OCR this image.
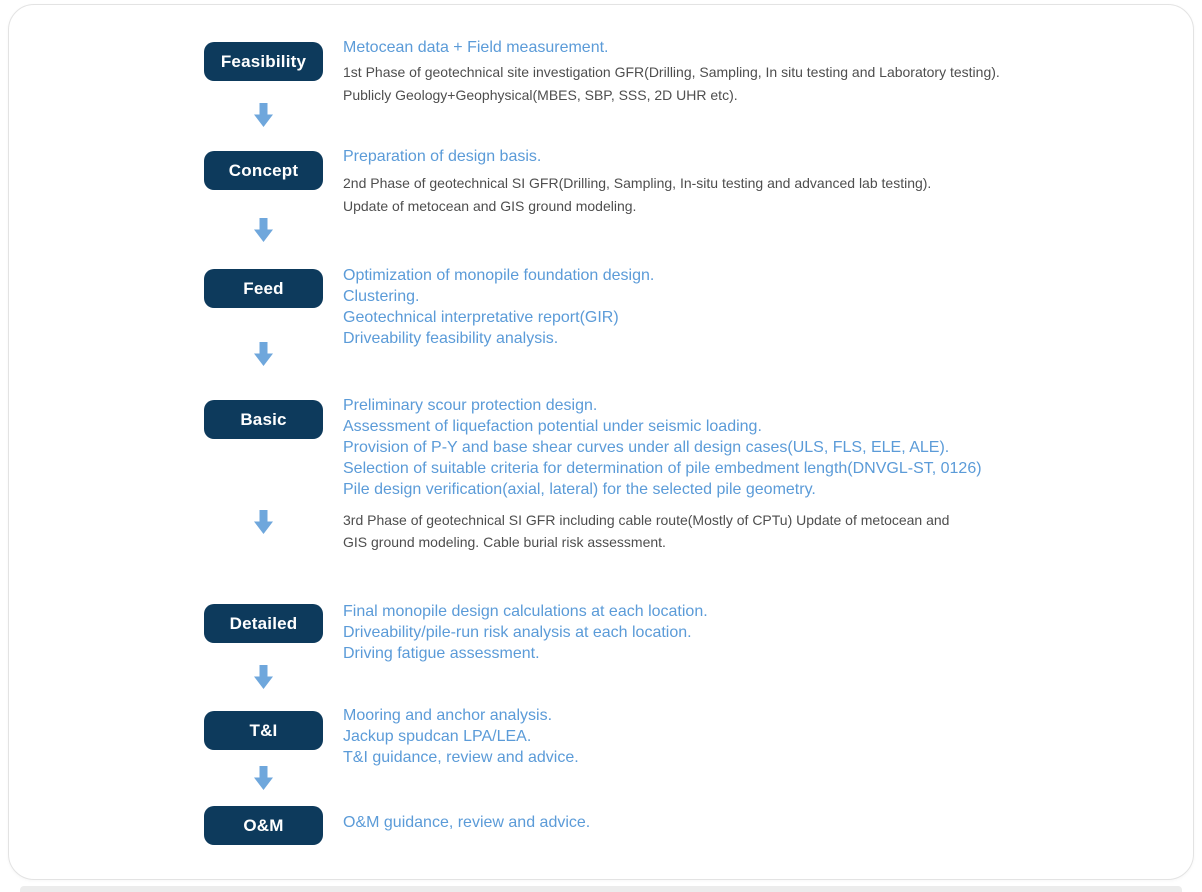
Feasibility
Concept
Feed
Basic
Detailed
T&I
O&M
Metocean data + Field measurement.
1st Phase of geotechnical site investigation GFR(Drilling, Sampling, In situ testing and Laboratory testing).
Publicly Geology+Geophysical(MBES, SBP, SSS, 2D UHR etc).
Preparation of design basis.
2nd Phase of geotechnical SI GFR(Drilling, Sampling, In-situ testing and advanced lab testing).
Update of metocean and GIS ground modeling.
Optimization of monopile foundation design.
Clustering.
Geotechnical interpretative report(GIR)
Driveability feasibility analysis.
Preliminary scour protection design.
Assessment of liquefaction potential under seismic loading.
Provision of P-Y and base shear curves under all design cases(ULS, FLS, ELE, ALE).
Selection of suitable criteria for determination of pile embedment length(DNVGL-ST, 0126)
Pile design verification(axial, lateral) for the selected pile geometry.
3rd Phase of geotechnical SI GFR including cable route(Mostly of CPTu) Update of metocean and
GIS ground modeling. Cable burial risk assessment.
Final monopile design calculations at each location.
Driveability/pile-run risk analysis at each location.
Driving fatigue assessment.
Mooring and anchor analysis.
Jackup spudcan LPA/LEA.
T&I guidance, review and advice.
O&M guidance, review and advice.
